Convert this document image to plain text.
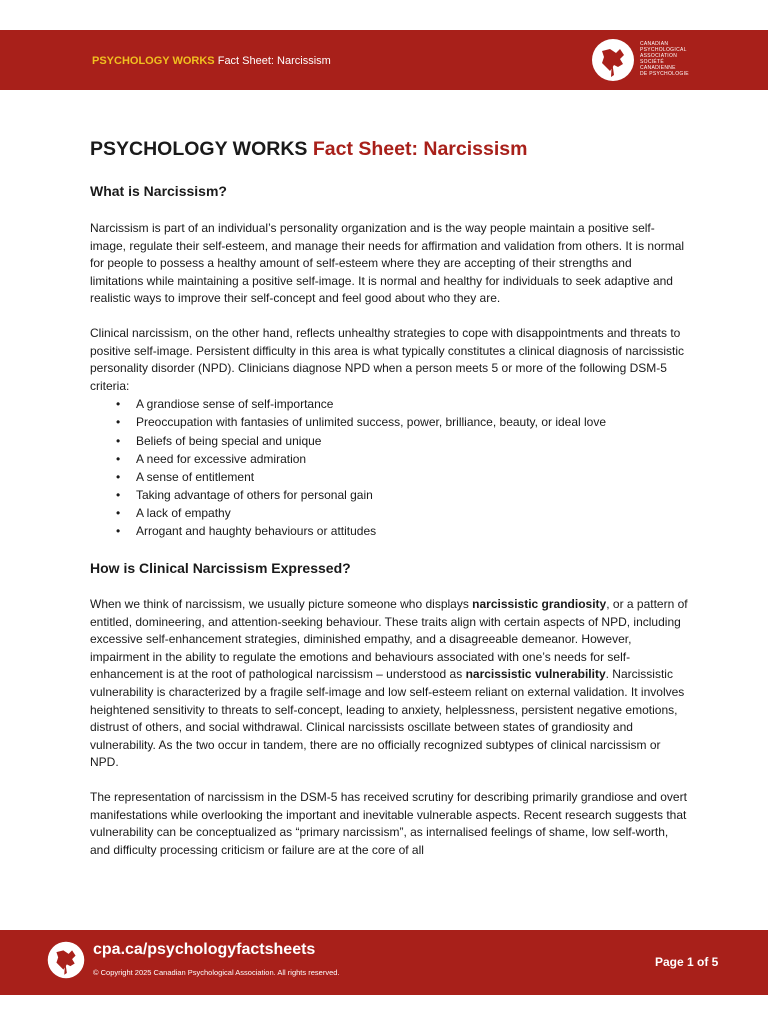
PSYCHOLOGY WORKS Fact Sheet: Narcissism
CANADIAN
PSYCHOLOGICAL
ASSOCIATION
SOCIÉTÉ
CANADIENNE
DE PSYCHOLOGIE
PSYCHOLOGY WORKS Fact Sheet: Narcissism
What is Narcissism?

Narcissism is part of an individual’s personality organization and is the way people maintain a positive self-image, regulate their self-esteem, and manage their needs for affirmation and validation from others. It is normal for people to possess a healthy amount of self-esteem where they are accepting of their strengths and limitations while maintaining a positive self-image. It is normal and healthy for individuals to seek adaptive and realistic ways to improve their self-concept and feel good about who they are.

Clinical narcissism, on the other hand, reflects unhealthy strategies to cope with disappointments and threats to positive self-image. Persistent difficulty in this area is what typically constitutes a clinical diagnosis of narcissistic personality disorder (NPD). Clinicians diagnose NPD when a person meets 5 or more of the following DSM-5 criteria:

• A grandiose sense of self-importance
• Preoccupation with fantasies of unlimited success, power, brilliance, beauty, or ideal love
• Beliefs of being special and unique
• A need for excessive admiration
• A sense of entitlement
• Taking advantage of others for personal gain
• A lack of empathy
• Arrogant and haughty behaviours or attitudes
How is Clinical Narcissism Expressed?

When we think of narcissism, we usually picture someone who displays narcissistic grandiosity, or a pattern of entitled, domineering, and attention-seeking behaviour. These traits align with certain aspects of NPD, including excessive self-enhancement strategies, diminished empathy, and a disagreeable demeanor. However, impairment in the ability to regulate the emotions and behaviours associated with one’s needs for self-enhancement is at the root of pathological narcissism – understood as narcissistic vulnerability. Narcissistic vulnerability is characterized by a fragile self-image and low self-esteem reliant on external validation. It involves heightened sensitivity to threats to self-concept, leading to anxiety, helplessness, persistent negative emotions, distrust of others, and social withdrawal. Clinical narcissists oscillate between states of grandiosity and vulnerability. As the two occur in tandem, there are no officially recognized subtypes of clinical narcissism or NPD.

The representation of narcissism in the DSM-5 has received scrutiny for describing primarily grandiose and overt manifestations while overlooking the important and inevitable vulnerable aspects. Recent research suggests that vulnerability can be conceptualized as “primary narcissism”, as internalised feelings of shame, low self-worth, and difficulty processing criticism or failure are at the core of all

cpa.ca/psychologyfactsheets
© Copyright 2025 Canadian Psychological Association. All rights reserved.
Page 1 of 5
